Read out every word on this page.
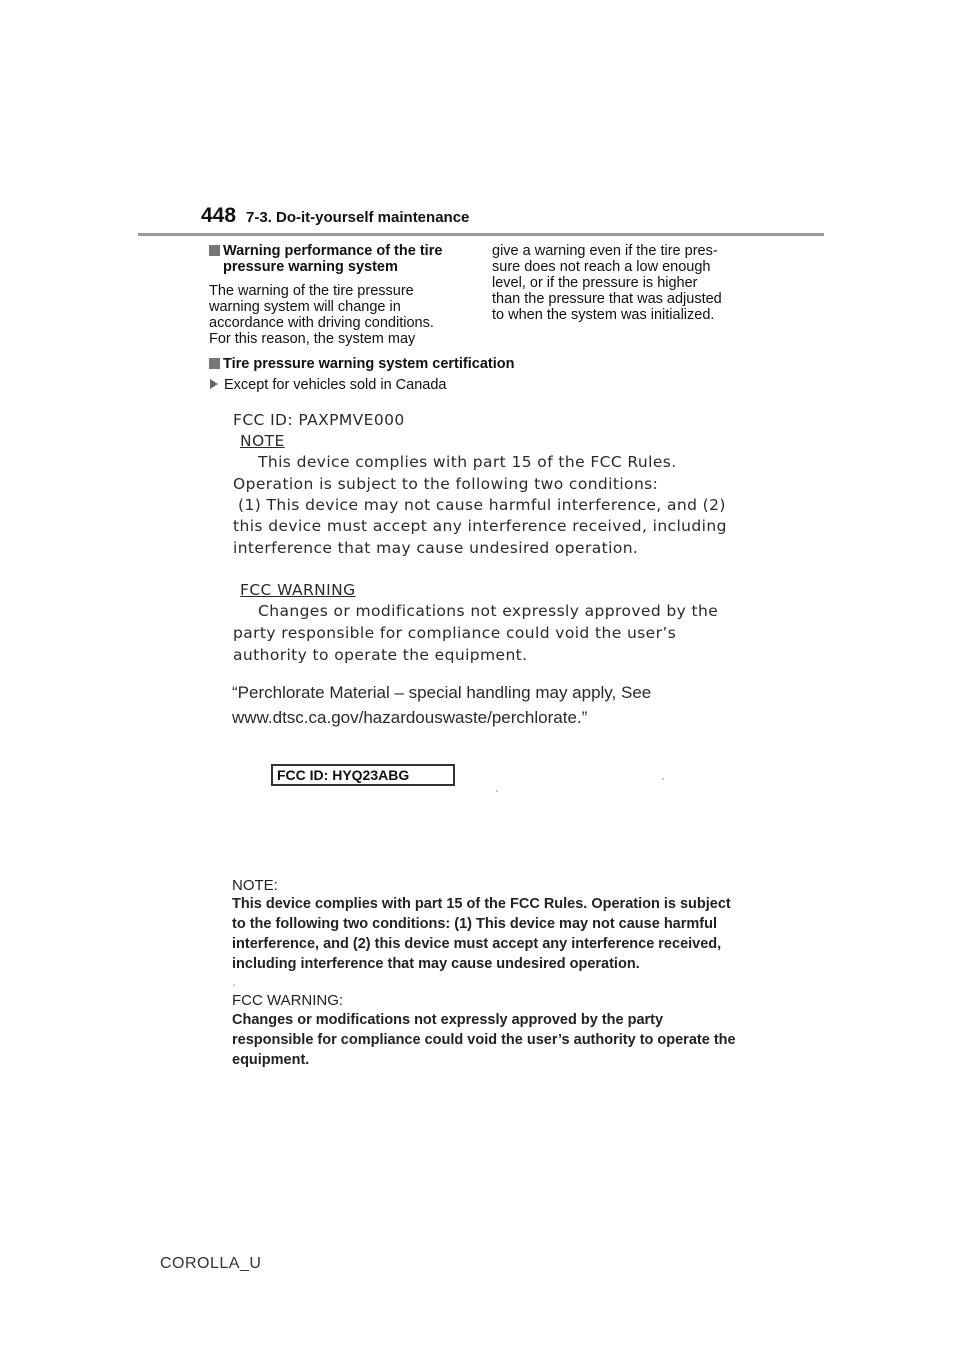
448 7-3. Do-it-yourself maintenance
Warning performance of the tire
pressure warning system
The warning of the tire pressure
warning system will change in
accordance with driving conditions.
For this reason, the system may
give a warning even if the tire pres-
sure does not reach a low enough
level, or if the pressure is higher
than the pressure that was adjusted
to when the system was initialized.
Tire pressure warning system certification
Except for vehicles sold in Canada
FCC ID: PAXPMVE000
NOTE
This device complies with part 15 of the FCC Rules.
Operation is subject to the following two conditions:
(1) This device may not cause harmful interference, and (2)
this device must accept any interference received, including
interference that may cause undesired operation.
FCC WARNING
Changes or modifications not expressly approved by the
party responsible for compliance could void the user’s
authority to operate the equipment.
“Perchlorate Material – special handling may apply, See
www.dtsc.ca.gov/hazardouswaste/perchlorate.”
FCC ID: HYQ23ABG
NOTE:
This device complies with part 15 of the FCC Rules. Operation is subject
to the following two conditions: (1) This device may not cause harmful
interference, and (2) this device must accept any interference received,
including interference that may cause undesired operation.
FCC WARNING:
Changes or modifications not expressly approved by the party
responsible for compliance could void the user’s authority to operate the
equipment.
COROLLA_U
